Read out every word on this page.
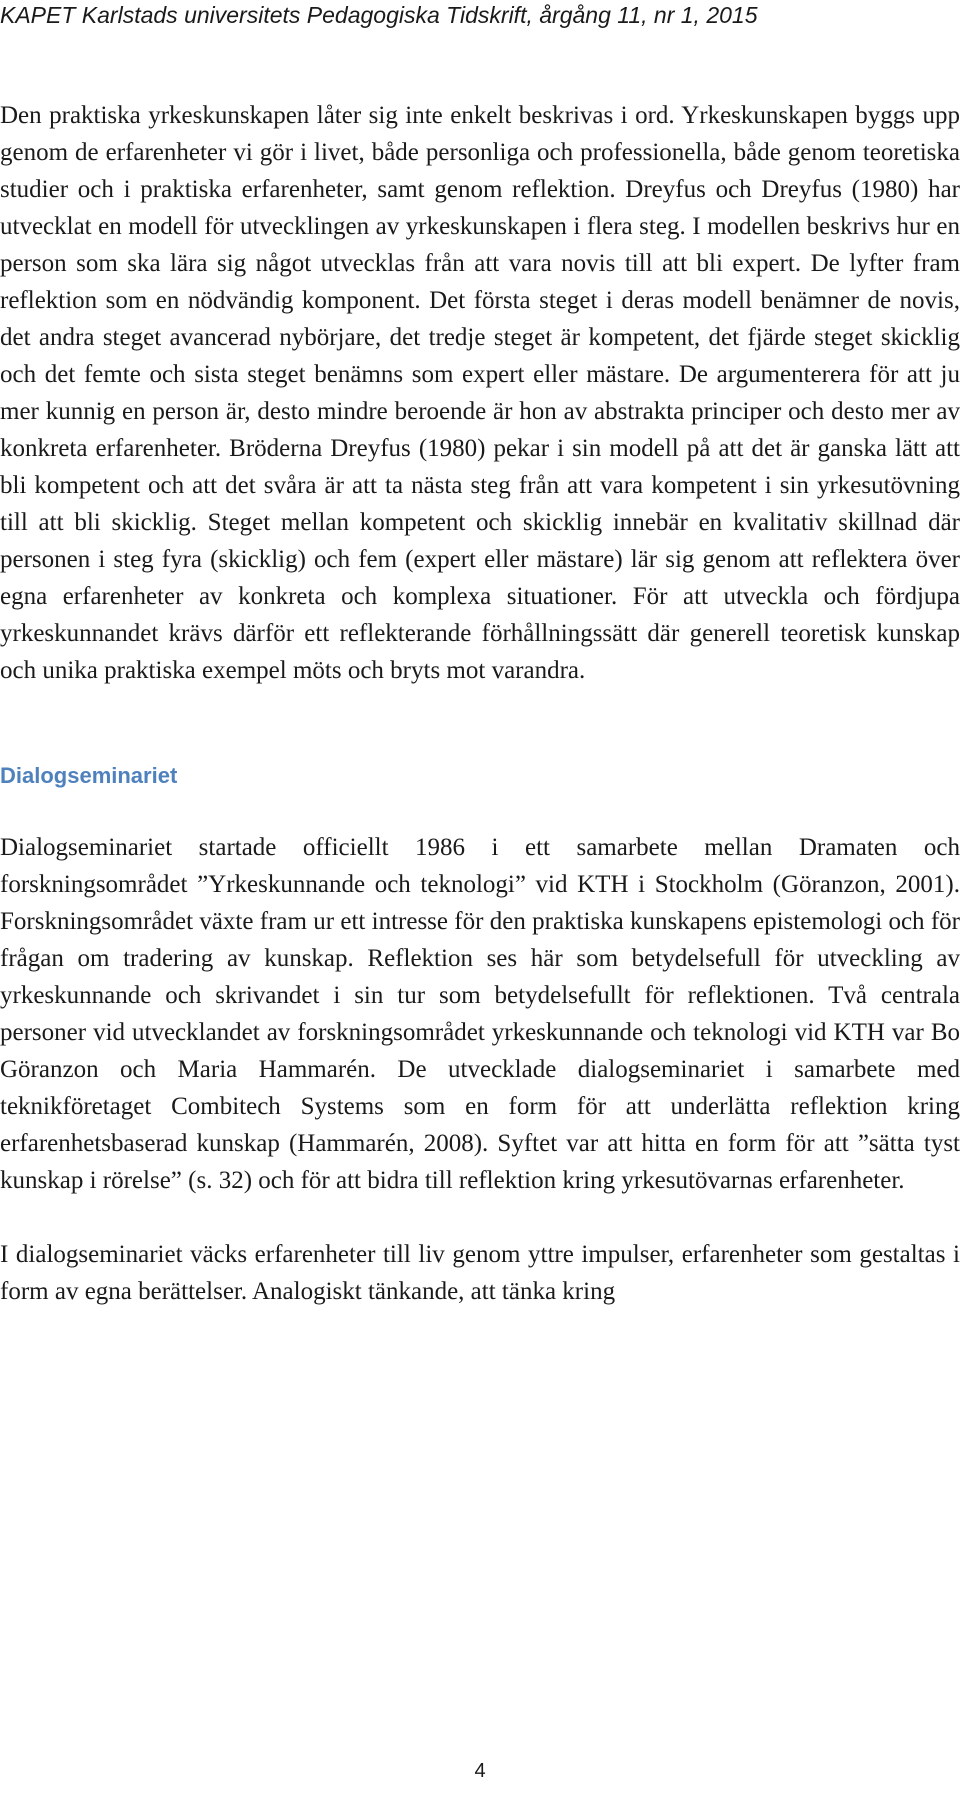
KAPET Karlstads universitets Pedagogiska Tidskrift, årgång 11, nr 1, 2015

Den praktiska yrkeskunskapen låter sig inte enkelt beskrivas i ord. Yrkeskunskapen byggs upp genom de erfarenheter vi gör i livet, både personliga och professionella, både genom teoretiska studier och i praktiska erfarenheter, samt genom reflektion. Dreyfus och Dreyfus (1980) har utvecklat en modell för utvecklingen av yrkeskunskapen i flera steg. I modellen beskrivs hur en person som ska lära sig något utvecklas från att vara novis till att bli expert. De lyfter fram reflektion som en nödvändig komponent. Det första steget i deras modell benämner de novis, det andra steget avancerad nybörjare, det tredje steget är kompetent, det fjärde steget skicklig och det femte och sista steget benämns som expert eller mästare. De argumenterera för att ju mer kunnig en person är, desto mindre beroende är hon av abstrakta principer och desto mer av konkreta erfarenheter. Bröderna Dreyfus (1980) pekar i sin modell på att det är ganska lätt att bli kompetent och att det svåra är att ta nästa steg från att vara kompetent i sin yrkesutövning till att bli skicklig. Steget mellan kompetent och skicklig innebär en kvalitativ skillnad där personen i steg fyra (skicklig) och fem (expert eller mästare) lär sig genom att reflektera över egna erfarenheter av konkreta och komplexa situationer. För att utveckla och fördjupa yrkeskunnandet krävs därför ett reflekterande förhållningssätt där generell teoretisk kunskap och unika praktiska exempel möts och bryts mot varandra.

Dialogseminariet

Dialogseminariet startade officiellt 1986 i ett samarbete mellan Dramaten och forskningsområdet ”Yrkeskunnande och teknologi” vid KTH i Stockholm (Göranzon, 2001). Forskningsområdet växte fram ur ett intresse för den praktiska kunskapens epistemologi och för frågan om tradering av kunskap. Reflektion ses här som betydelsefull för utveckling av yrkeskunnande och skrivandet i sin tur som betydelsefullt för reflektionen. Två centrala personer vid utvecklandet av forskningsområdet yrkeskunnande och teknologi vid KTH var Bo Göranzon och Maria Hammarén. De utvecklade dialogseminariet i samarbete med teknikföretaget Combitech Systems som en form för att underlätta reflektion kring erfarenhetsbaserad kunskap (Hammarén, 2008). Syftet var att hitta en form för att ”sätta tyst kunskap i rörelse” (s. 32) och för att bidra till reflektion kring yrkesutövarnas erfarenheter.

I dialogseminariet väcks erfarenheter till liv genom yttre impulser, erfarenheter som gestaltas i form av egna berättelser. Analogiskt tänkande, att tänka kring

4
